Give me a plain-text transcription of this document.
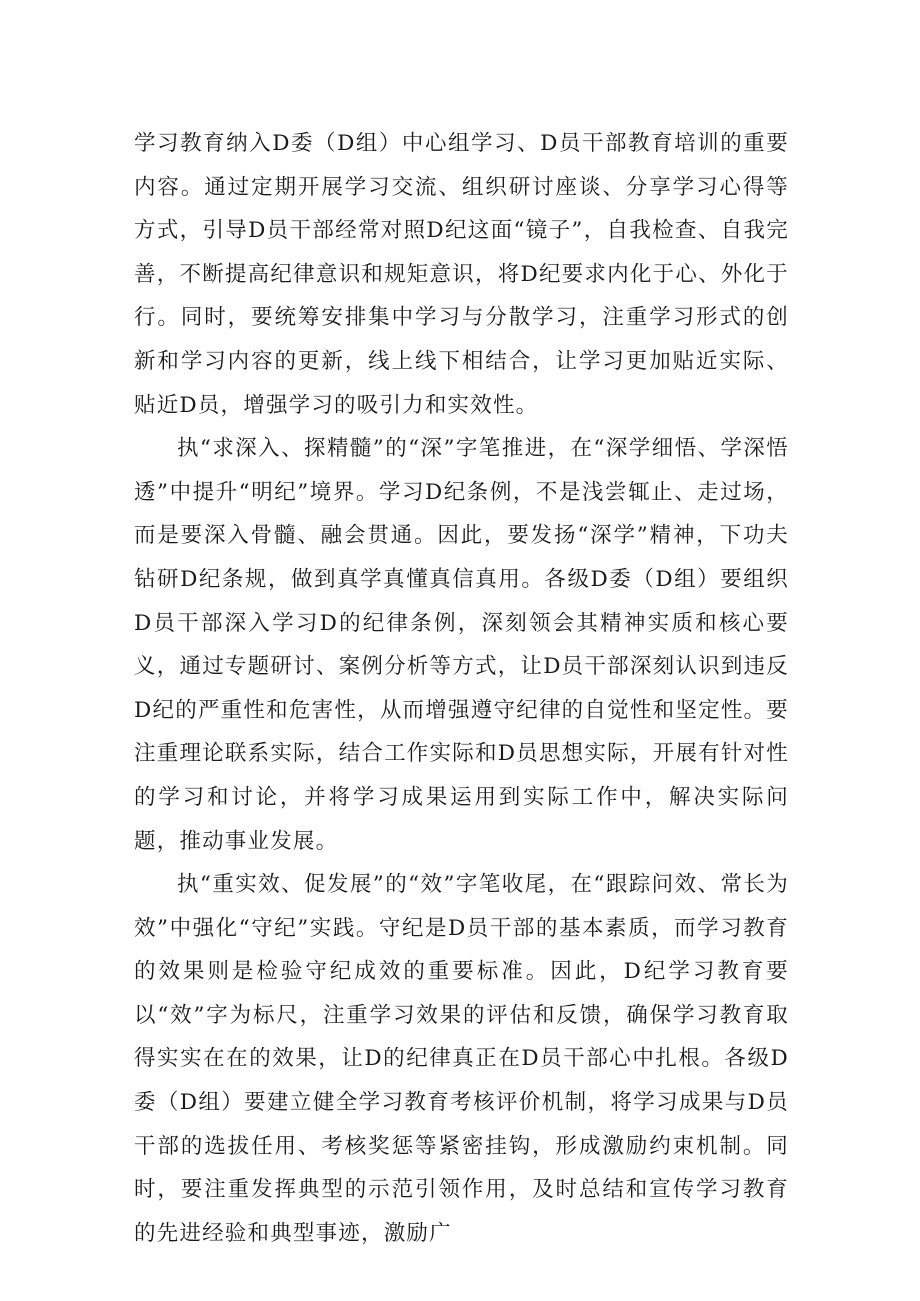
学习教育纳入D委（D组）中心组学习、D员干部教育培训的重要内容。通过定期开展学习交流、组织研讨座谈、分享学习心得等方式，引导D员干部经常对照D纪这面“镜子”，自我检查、自我完善，不断提高纪律意识和规矩意识，将D纪要求内化于心、外化于行。同时，要统筹安排集中学习与分散学习，注重学习形式的创新和学习内容的更新，线上线下相结合，让学习更加贴近实际、贴近D员，增强学习的吸引力和实效性。

执“求深入、探精髓”的“深”字笔推进，在“深学细悟、学深悟透”中提升“明纪”境界。学习D纪条例，不是浅尝辄止、走过场，而是要深入骨髓、融会贯通。因此，要发扬“深学”精神，下功夫钻研D纪条规，做到真学真懂真信真用。各级D委（D组）要组织D员干部深入学习D的纪律条例，深刻领会其精神实质和核心要义，通过专题研讨、案例分析等方式，让D员干部深刻认识到违反D纪的严重性和危害性，从而增强遵守纪律的自觉性和坚定性。要注重理论联系实际，结合工作实际和D员思想实际，开展有针对性的学习和讨论，并将学习成果运用到实际工作中，解决实际问题，推动事业发展。

执“重实效、促发展”的“效”字笔收尾，在“跟踪问效、常长为效”中强化“守纪”实践。守纪是D员干部的基本素质，而学习教育的效果则是检验守纪成效的重要标准。因此，D纪学习教育要以“效”字为标尺，注重学习效果的评估和反馈，确保学习教育取得实实在在的效果，让D的纪律真正在D员干部心中扎根。各级D委（D组）要建立健全学习教育考核评价机制，将学习成果与D员干部的选拔任用、考核奖惩等紧密挂钩，形成激励约束机制。同时，要注重发挥典型的示范引领作用，及时总结和宣传学习教育的先进经验和典型事迹，激励广
